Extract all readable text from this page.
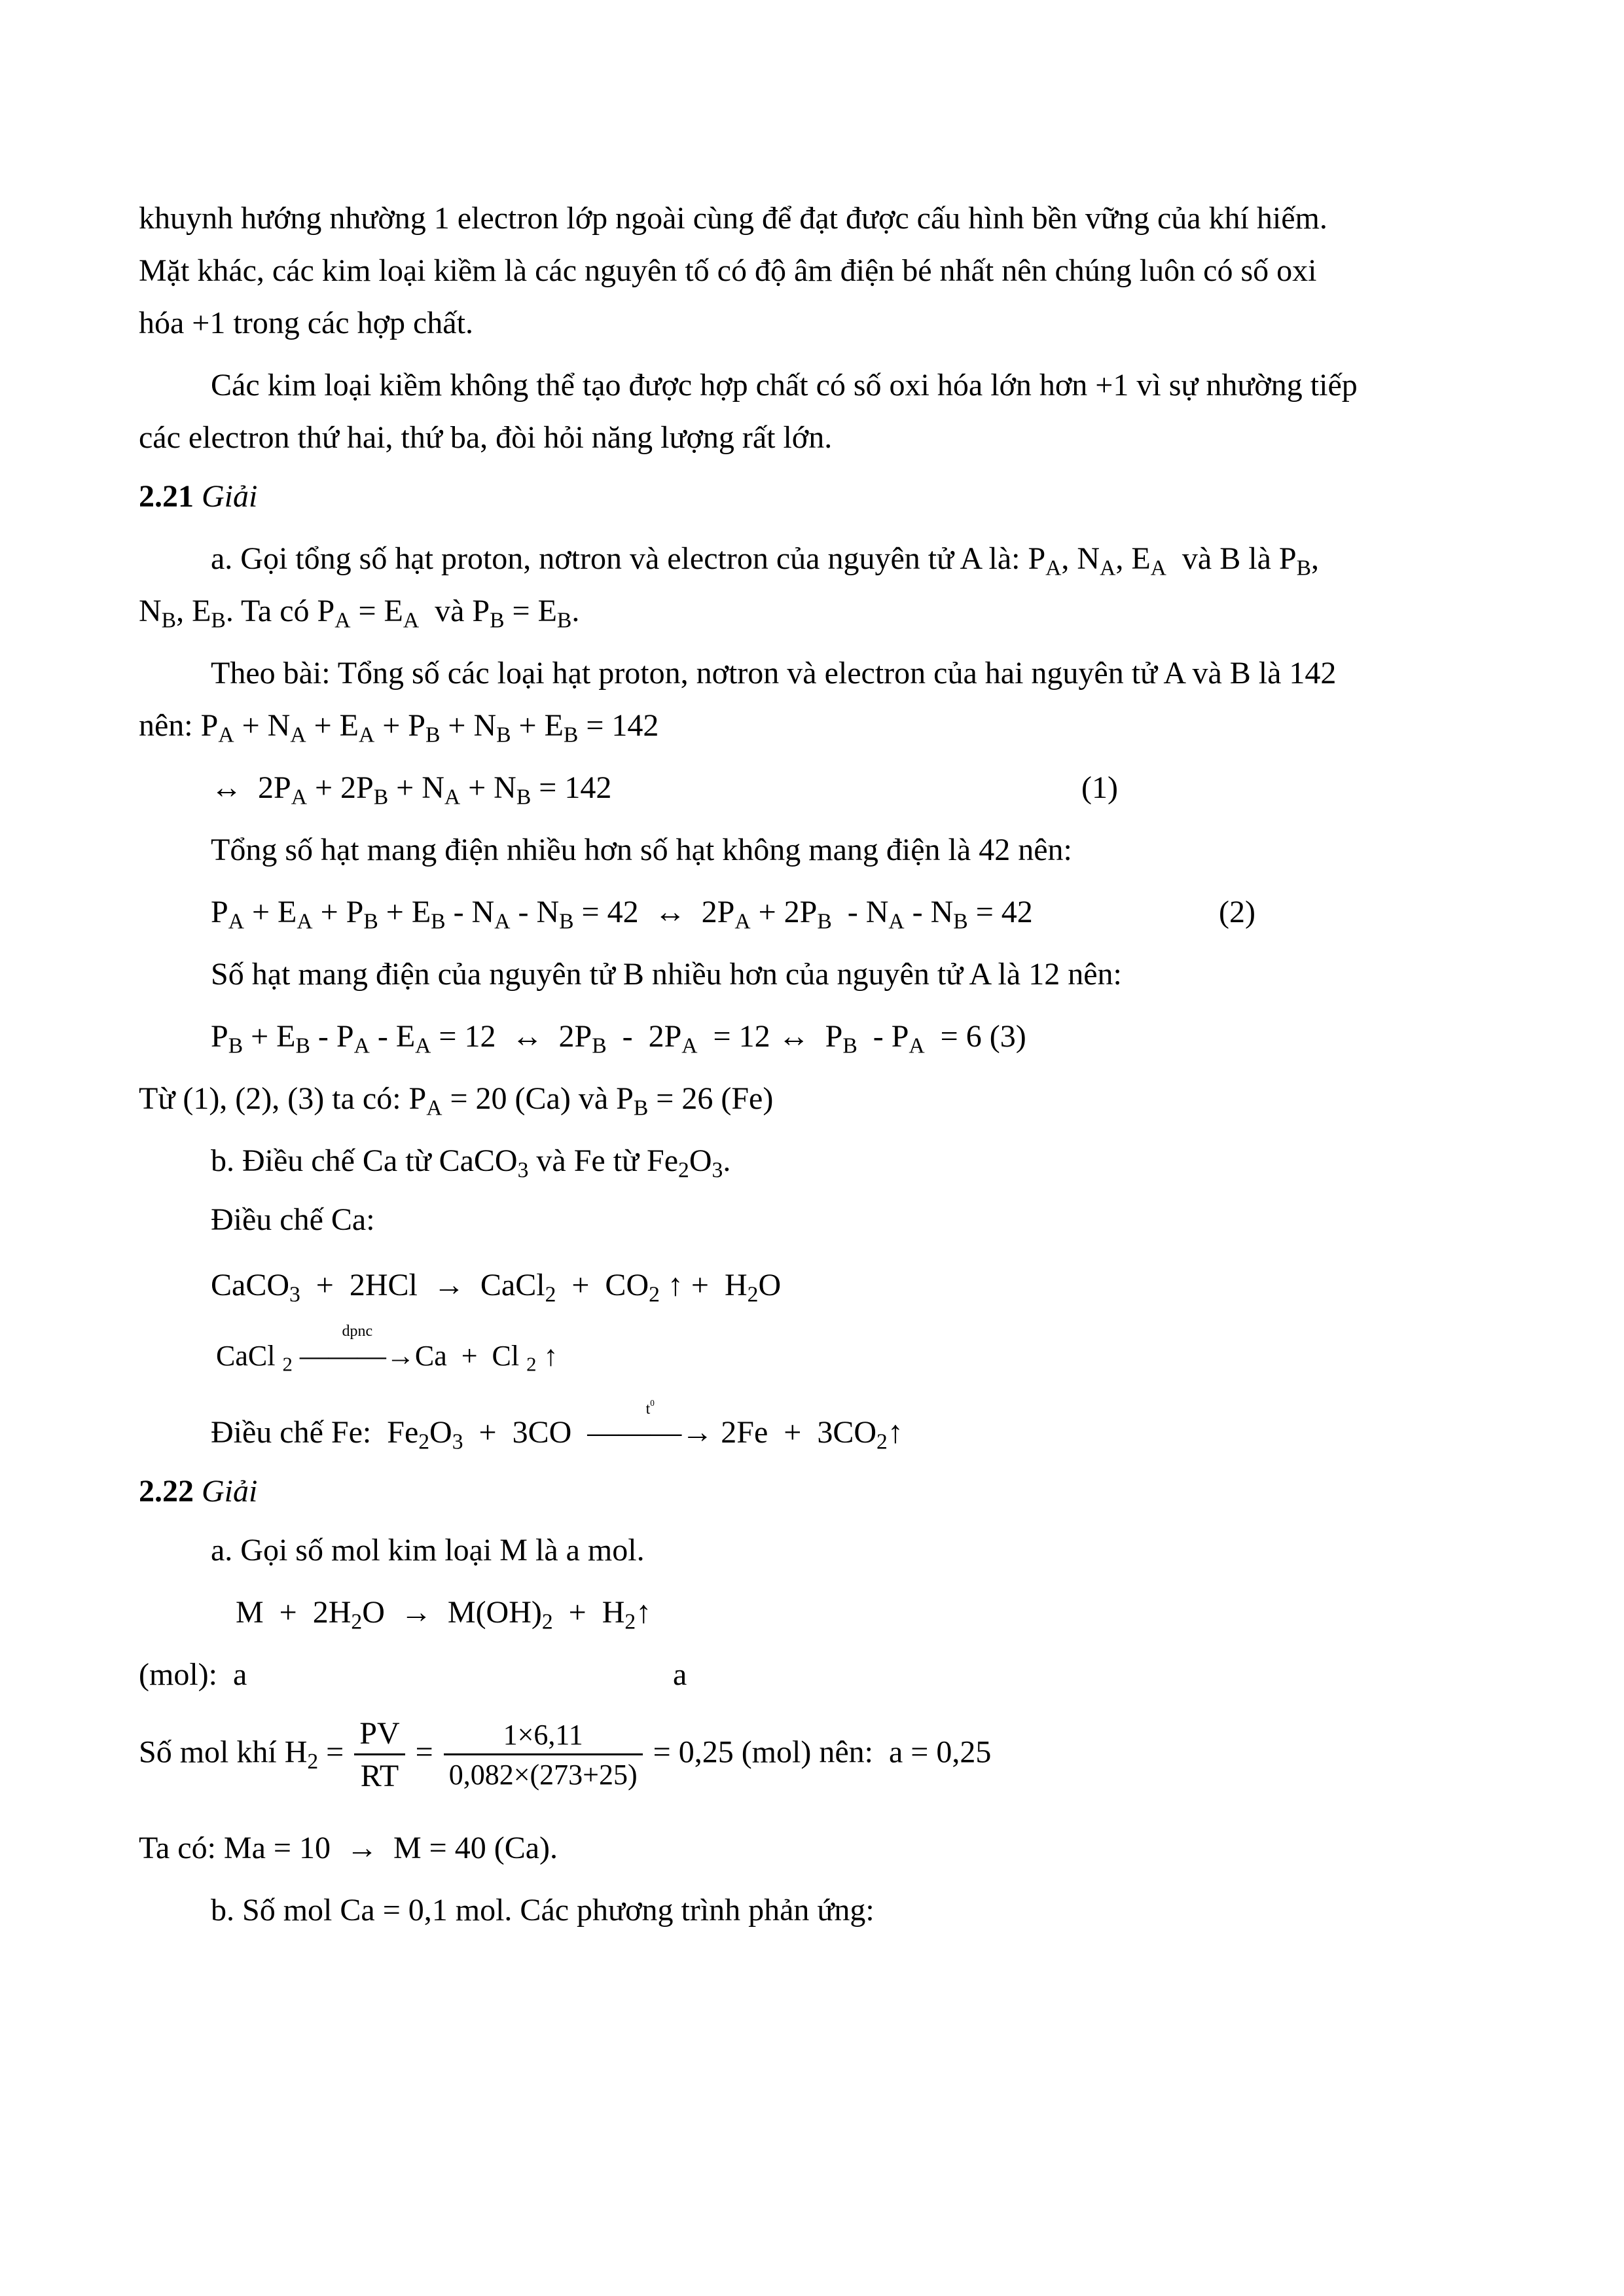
khuynh hướng nhường 1 electron lớp ngoài cùng để đạt được cấu hình bền vững của khí hiếm.
Mặt khác, các kim loại kiềm là các nguyên tố có độ âm điện bé nhất nên chúng luôn có số oxi
hóa +1 trong các hợp chất.
Các kim loại kiềm không thể tạo được hợp chất có số oxi hóa lớn hơn +1 vì sự nhường tiếp
các electron thứ hai, thứ ba, đòi hỏi năng lượng rất lớn.
2.21 Giải
a. Gọi tổng số hạt proton, nơtron và electron của nguyên tử A là: $P_A$, $N_A$, $E_A$ và B là $P_B$,
$N_B$, $E_B$. Ta có $P_A = E_A$  và $P_B = E_B$.
Theo bài: Tổng số các loại hạt proton, nơtron và electron của hai nguyên tử A và B là 142
nên: $P_A + N_A + E_A + P_B + N_B + E_B = 142$
↔  $2P_A + 2P_B + N_A + N_B = 142$	(1)
Tổng số hạt mang điện nhiều hơn số hạt không mang điện là 42 nên:
$P_A + E_A + P_B + E_B - N_A - N_B = 42$  ↔  $2P_A + 2P_B - N_A - N_B = 42$	(2)
Số hạt mang điện của nguyên tử B nhiều hơn của nguyên tử A là 12 nên:
$P_B + E_B - P_A - E_A = 12$  ↔  $2P_B - 2P_A = 12$ ↔  $P_B - P_A = 6$ (3)
Từ (1), (2), (3) ta có: $P_A = 20$ (Ca) và $P_B = 26$ (Fe)
b. Điều chế Ca từ CaCO$_3$ và Fe từ $Fe_2O_3$.
Điều chế Ca:
CaCO$_3$  +  2HCl  →  CaCl$_2$  +  $CO_2$ ↑ +  $H_2O$
CaCl $_2$
dpnc
———→Ca  +  Cl $_2$ ↑
Điều chế Fe:  $Fe_2O_3 + 3CO$
$t^0$
———→ $2Fe + 3CO_2↑$
2.22 Giải
a. Gọi số mol kim loại M là a mol.
$M + 2H_2O \to M(OH)_2$  +  $H_2↑$
(mol):  a	a
Số mol khí $H_2 = \frac{PV}{RT} = \frac{1\times 6,11}{0,082\times(273+25)} = 0,25$ (mol) nên:  a = 0,25
Ta có: Ma = 10  →  M = 40 (Ca).
b. Số mol Ca = 0,1 mol. Các phương trình phản ứng:
